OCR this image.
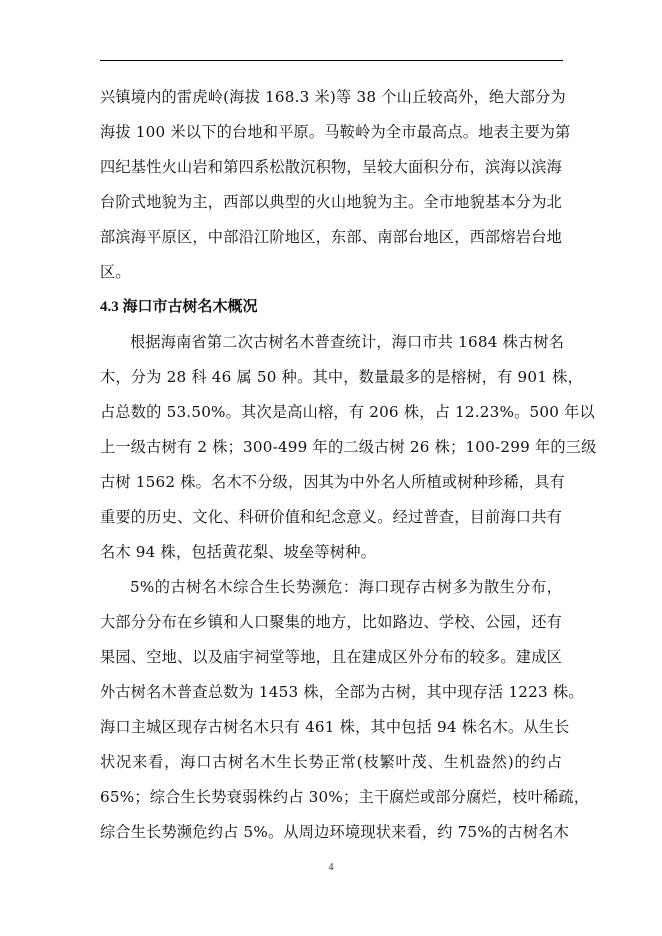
兴镇境内的雷虎岭(海拔 168.3 米)等 38 个山丘较高外，绝大部分为
海拔 100 米以下的台地和平原。马鞍岭为全市最高点。地表主要为第
四纪基性火山岩和第四系松散沉积物，呈较大面积分布，滨海以滨海
台阶式地貌为主，西部以典型的火山地貌为主。全市地貌基本分为北
部滨海平原区，中部沿江阶地区，东部、南部台地区，西部熔岩台地
区。
4.3 海口市古树名木概况
根据海南省第二次古树名木普查统计，海口市共 1684 株古树名
木，分为 28 科 46 属 50 种。其中，数量最多的是榕树，有 901 株，
占总数的 53.50%。其次是高山榕，有 206 株，占 12.23%。500 年以
上一级古树有 2 株；300-499 年的二级古树 26 株；100-299 年的三级
古树 1562 株。名木不分级，因其为中外名人所植或树种珍稀，具有
重要的历史、文化、科研价值和纪念意义。经过普查，目前海口共有
名木 94 株，包括黄花梨、坡垒等树种。
5%的古树名木综合生长势濒危：海口现存古树多为散生分布，
大部分分布在乡镇和人口聚集的地方，比如路边、学校、公园，还有
果园、空地、以及庙宇祠堂等地，且在建成区外分布的较多。建成区
外古树名木普查总数为 1453 株，全部为古树，其中现存活 1223 株。
海口主城区现存古树名木只有 461 株，其中包括 94 株名木。从生长
状况来看，海口古树名木生长势正常(枝繁叶茂、生机盎然)的约占
65%；综合生长势衰弱株约占 30%；主干腐烂或部分腐烂，枝叶稀疏，
综合生长势濒危约占 5%。从周边环境现状来看，约 75%的古树名木
4
